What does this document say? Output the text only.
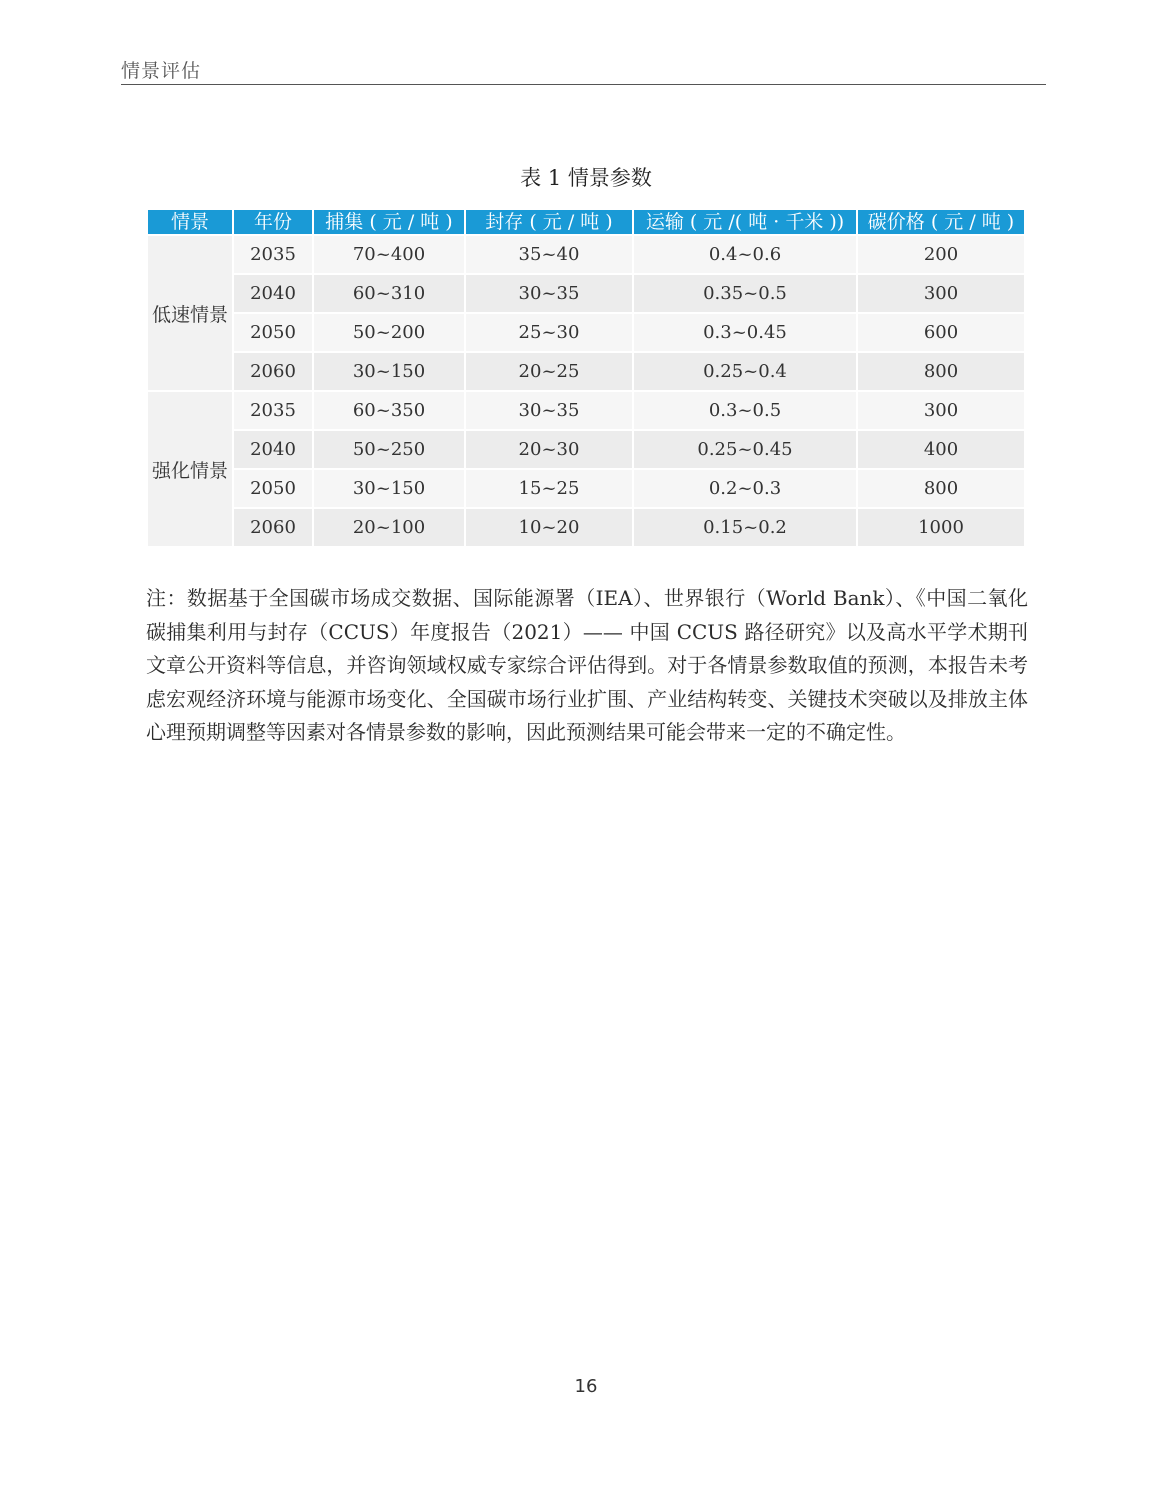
情景评估
表 1 情景参数
情景	年份	捕集 ( 元 / 吨 )	封存 ( 元 / 吨 )	运输 ( 元 /( 吨 · 千米 ))	碳价格 ( 元 / 吨 )
低速情景	2035	70~400	35~40	0.4~0.6	200
	2040	60~310	30~35	0.35~0.5	300
	2050	50~200	25~30	0.3~0.45	600
	2060	30~150	20~25	0.25~0.4	800
强化情景	2035	60~350	30~35	0.3~0.5	300
	2040	50~250	20~30	0.25~0.45	400
	2050	30~150	15~25	0.2~0.3	800
	2060	20~100	10~20	0.15~0.2	1000

注：数据基于全国碳市场成交数据、国际能源署（IEA）、世界银行（World Bank）、《中国二氧化碳捕集利用与封存（CCUS）年度报告（2021）—— 中国 CCUS 路径研究》以及高水平学术期刊文章公开资料等信息，并咨询领域权威专家综合评估得到。对于各情景参数取值的预测，本报告未考虑宏观经济环境与能源市场变化、全国碳市场行业扩围、产业结构转变、关键技术突破以及排放主体心理预期调整等因素对各情景参数的影响，因此预测结果可能会带来一定的不确定性。

16
